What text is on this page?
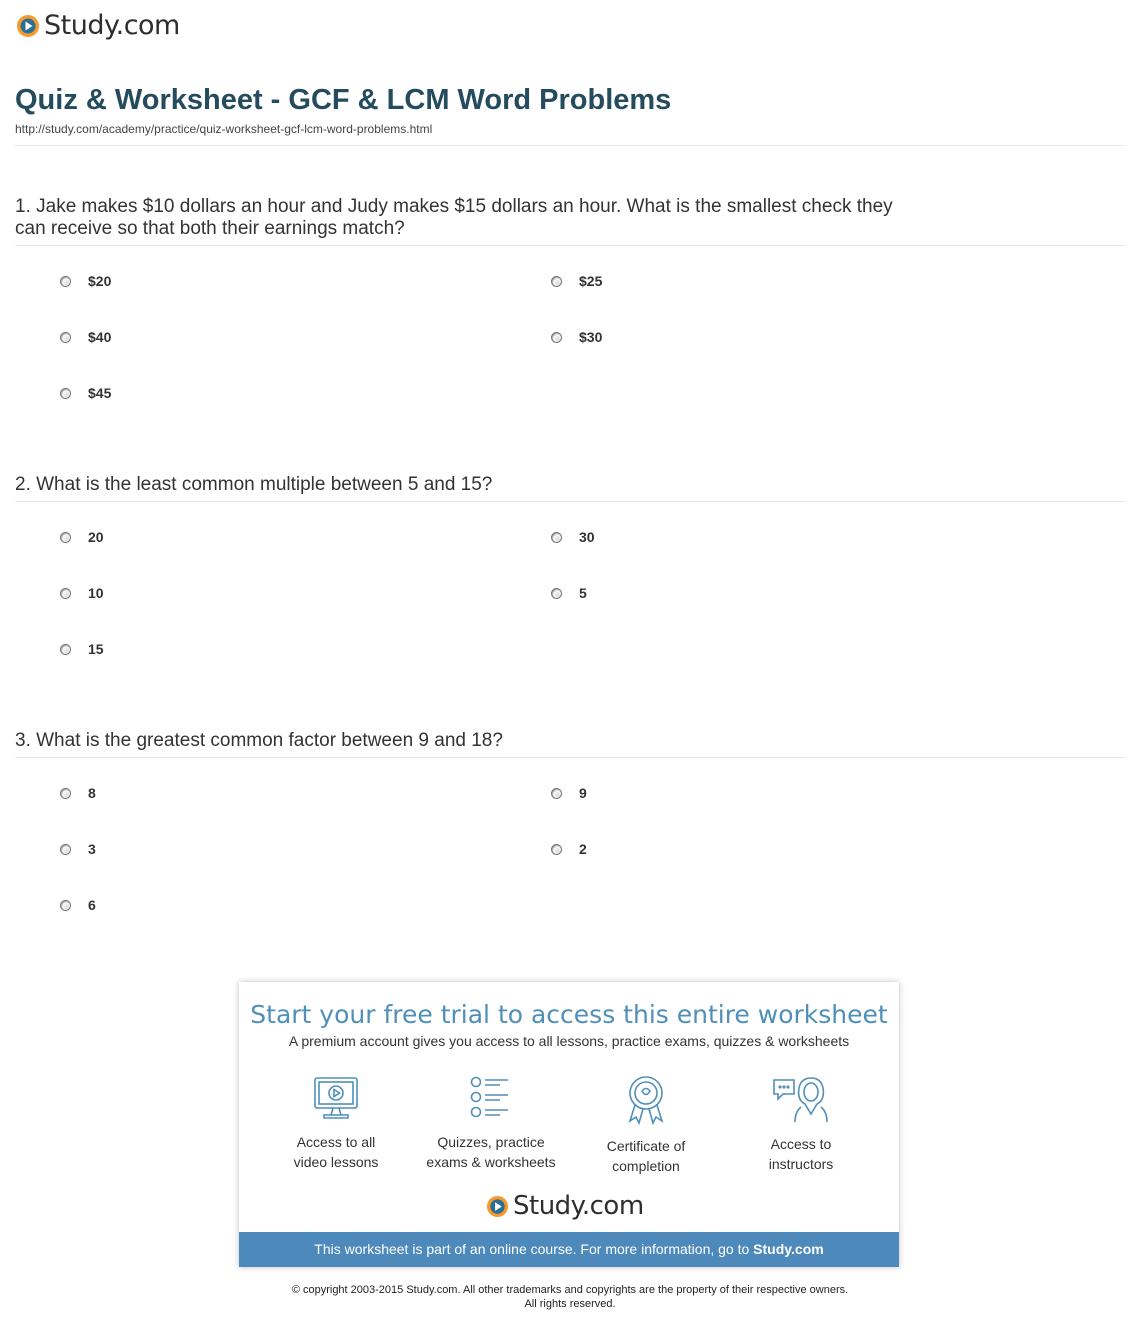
Study.com
Quiz & Worksheet - GCF & LCM Word Problems
http://study.com/academy/practice/quiz-worksheet-gcf-lcm-word-problems.html
1. Jake makes $10 dollars an hour and Judy makes $15 dollars an hour. What is the smallest check they can receive so that both their earnings match?
$20	$25
$40	$30
$45
2. What is the least common multiple between 5 and 15?
20	30
10	5
15
3. What is the greatest common factor between 9 and 18?
8	9
3	2
6
Start your free trial to access this entire worksheet
A premium account gives you access to all lessons, practice exams, quizzes & worksheets
Access to all
video lessons
Quizzes, practice
exams & worksheets
Certificate of
completion
Access to
instructors
Study.com
This worksheet is part of an online course. For more information, go to Study.com
© copyright 2003-2015 Study.com. All other trademarks and copyrights are the property of their respective owners.
All rights reserved.
